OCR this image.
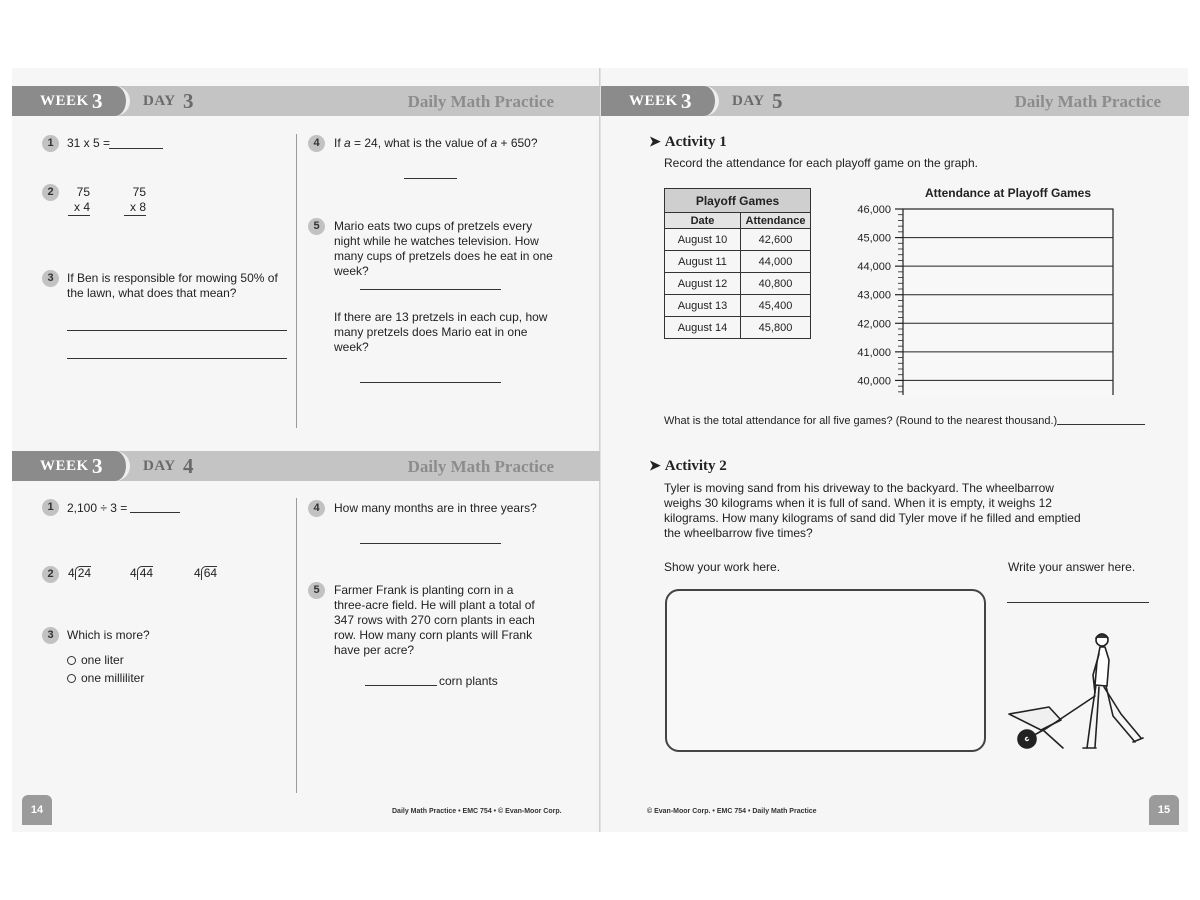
WEEK 3	DAY 3	Daily Math Practice
1	31 x 5 =
2	75
x 4
75
x 8
3	If Ben is responsible for mowing 50% of the lawn, what does that mean?
4	If a = 24, what is the value of a + 650?
5	Mario eats two cups of pretzels every night while he watches television. How many cups of pretzels does he eat in one week?
If there are 13 pretzels in each cup, how many pretzels does Mario eat in one week?
WEEK 3	DAY 4	Daily Math Practice
1	2,100 ÷ 3 =
2	4 24	4 44	4 64
3	Which is more?
one liter
one milliliter
4	How many months are in three years?
5	Farmer Frank is planting corn in a three-acre field. He will plant a total of 347 rows with 270 corn plants in each row. How many corn plants will Frank have per acre?
corn plants
14	Daily Math Practice • EMC 754 • © Evan-Moor Corp.
WEEK 3	DAY 5	Daily Math Practice
➤ Activity 1
Record the attendance for each playoff game on the graph.
Playoff Games	
Date	Attendance
August 10	42,600
August 11	44,000
August 12	40,800
August 13	45,400
August 14	45,800
Attendance at Playoff Games
40,000
41,000
42,000
43,000
44,000
45,000
46,000
What is the total attendance for all five games? (Round to the nearest thousand.)
➤ Activity 2
Tyler is moving sand from his driveway to the backyard. The wheelbarrow weighs 30 kilograms when it is full of sand. When it is empty, it weighs 12 kilograms. How many kilograms of sand did Tyler move if he filled and emptied the wheelbarrow five times?
Show your work here.	Write your answer here.
© Evan-Moor Corp. • EMC 754 • Daily Math Practice	15
